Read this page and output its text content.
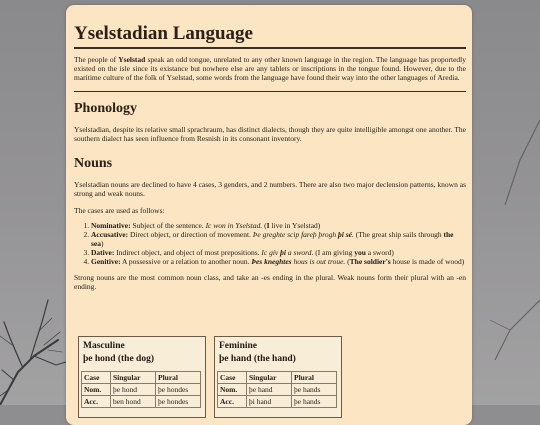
Yselstadian Language

The people of Yselstad speak an odd tongue, unrelated to any other known language in the region. The language has proportedly existed on the isle since its existance but nowhere else are any tablets or inscriptions in the tongue found. However, due to the maritime culture of the folk of Yselstad, some words from the language have found their way into the other languages of Aredia.

Phonology

Yselstadian, despite its relative small sprachraum, has distinct dialects, though they are quite intelligible amongst one another. The southern dialect has seen influence from Resnish in its consonant inventory.

Nouns

Yselstadian nouns are declined to have 4 cases, 3 genders, and 2 numbers. There are also two major declension patterns, known as strong and weak nouns.

The cases are used as follows:

1. Nominative: Subject of the sentence. Ic won in Yselstad. (I live in Yselstad)
2. Accusative: Direct object, or direction of movement. Þe greghte scip fareþ þrogh þi sé. (The great ship sails through the sea)
3. Dative: Indirect object, and object of most prepositions. Ic gív þi a sword. (I am giving you a sword)
4. Genitive: A possessive or a relation to another noun. Þes kneghtes hous is out troue. (The soldier's house is made of wood)

Strong nouns are the most common noun class, and take an -es ending in the plural. Weak nouns form their plural with an -en ending.

Masculine
þe hond (the dog)
Case	Singular	Plural
Nom.	þe hond	þe hondes
Acc.	ben hond	þe hondes
Feminine
þe hand (the hand)
Case	Singular	Plural
Nom.	þe hand	þe hands
Acc.	þi hand	þe hands
